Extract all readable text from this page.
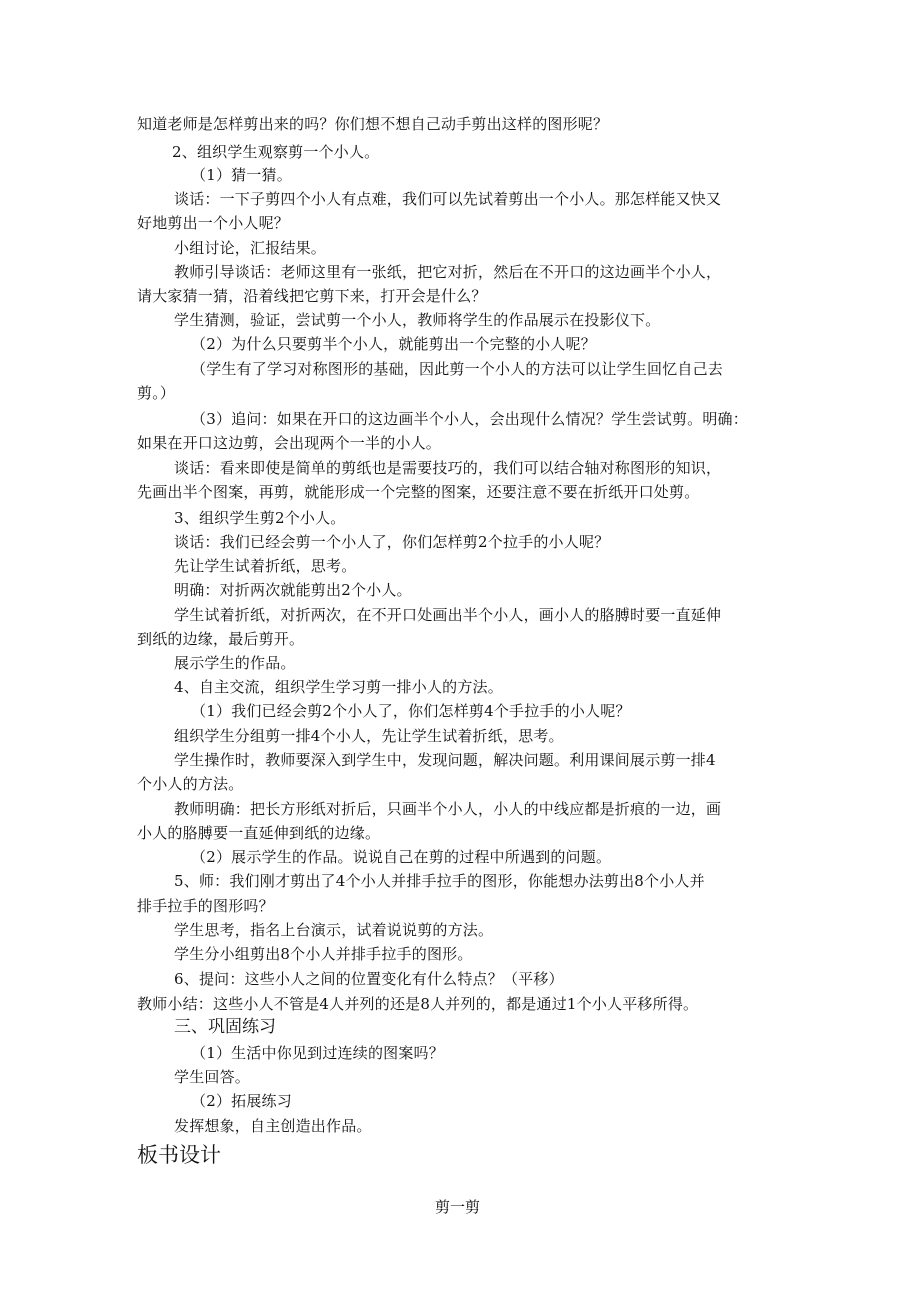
知道老师是怎样剪出来的吗？你们想不想自己动手剪出这样的图形呢？
2、组织学生观察剪一个小人。
（1）猜一猜。
谈话：一下子剪四个小人有点难，我们可以先试着剪出一个小人。那怎样能又快又
好地剪出一个小人呢？
小组讨论，汇报结果。
教师引导谈话：老师这里有一张纸，把它对折，然后在不开口的这边画半个小人，
请大家猜一猜，沿着线把它剪下来，打开会是什么？
学生猜测，验证，尝试剪一个小人，教师将学生的作品展示在投影仪下。
（2）为什么只要剪半个小人，就能剪出一个完整的小人呢？
（学生有了学习对称图形的基础，因此剪一个小人的方法可以让学生回忆自己去
剪。）
（3）追问：如果在开口的这边画半个小人，会出现什么情况？学生尝试剪。明确：
如果在开口这边剪，会出现两个一半的小人。
谈话：看来即使是简单的剪纸也是需要技巧的，我们可以结合轴对称图形的知识，
先画出半个图案，再剪，就能形成一个完整的图案，还要注意不要在折纸开口处剪。
3、组织学生剪2个小人。
谈话：我们已经会剪一个小人了，你们怎样剪2个拉手的小人呢？
先让学生试着折纸，思考。
明确：对折两次就能剪出2个小人。
学生试着折纸，对折两次，在不开口处画出半个小人，画小人的胳膊时要一直延伸
到纸的边缘，最后剪开。
展示学生的作品。
4、自主交流，组织学生学习剪一排小人的方法。
（1）我们已经会剪2个小人了，你们怎样剪4个手拉手的小人呢？
组织学生分组剪一排4个小人，先让学生试着折纸，思考。
学生操作时，教师要深入到学生中，发现问题，解决问题。利用课间展示剪一排4
个小人的方法。
教师明确：把长方形纸对折后，只画半个小人，小人的中线应都是折痕的一边，画
小人的胳膊要一直延伸到纸的边缘。
（2）展示学生的作品。说说自己在剪的过程中所遇到的问题。
5、师：我们刚才剪出了4个小人并排手拉手的图形，你能想办法剪出8个小人并
排手拉手的图形吗？
学生思考，指名上台演示，试着说说剪的方法。
学生分小组剪出8个小人并排手拉手的图形。
6、提问：这些小人之间的位置变化有什么特点？（平移）
教师小结：这些小人不管是4人并列的还是8人并列的，都是通过1个小人平移所得。
三、巩固练习
（1）生活中你见到过连续的图案吗？
学生回答。
（2）拓展练习
发挥想象，自主创造出作品。
板书设计
剪一剪
